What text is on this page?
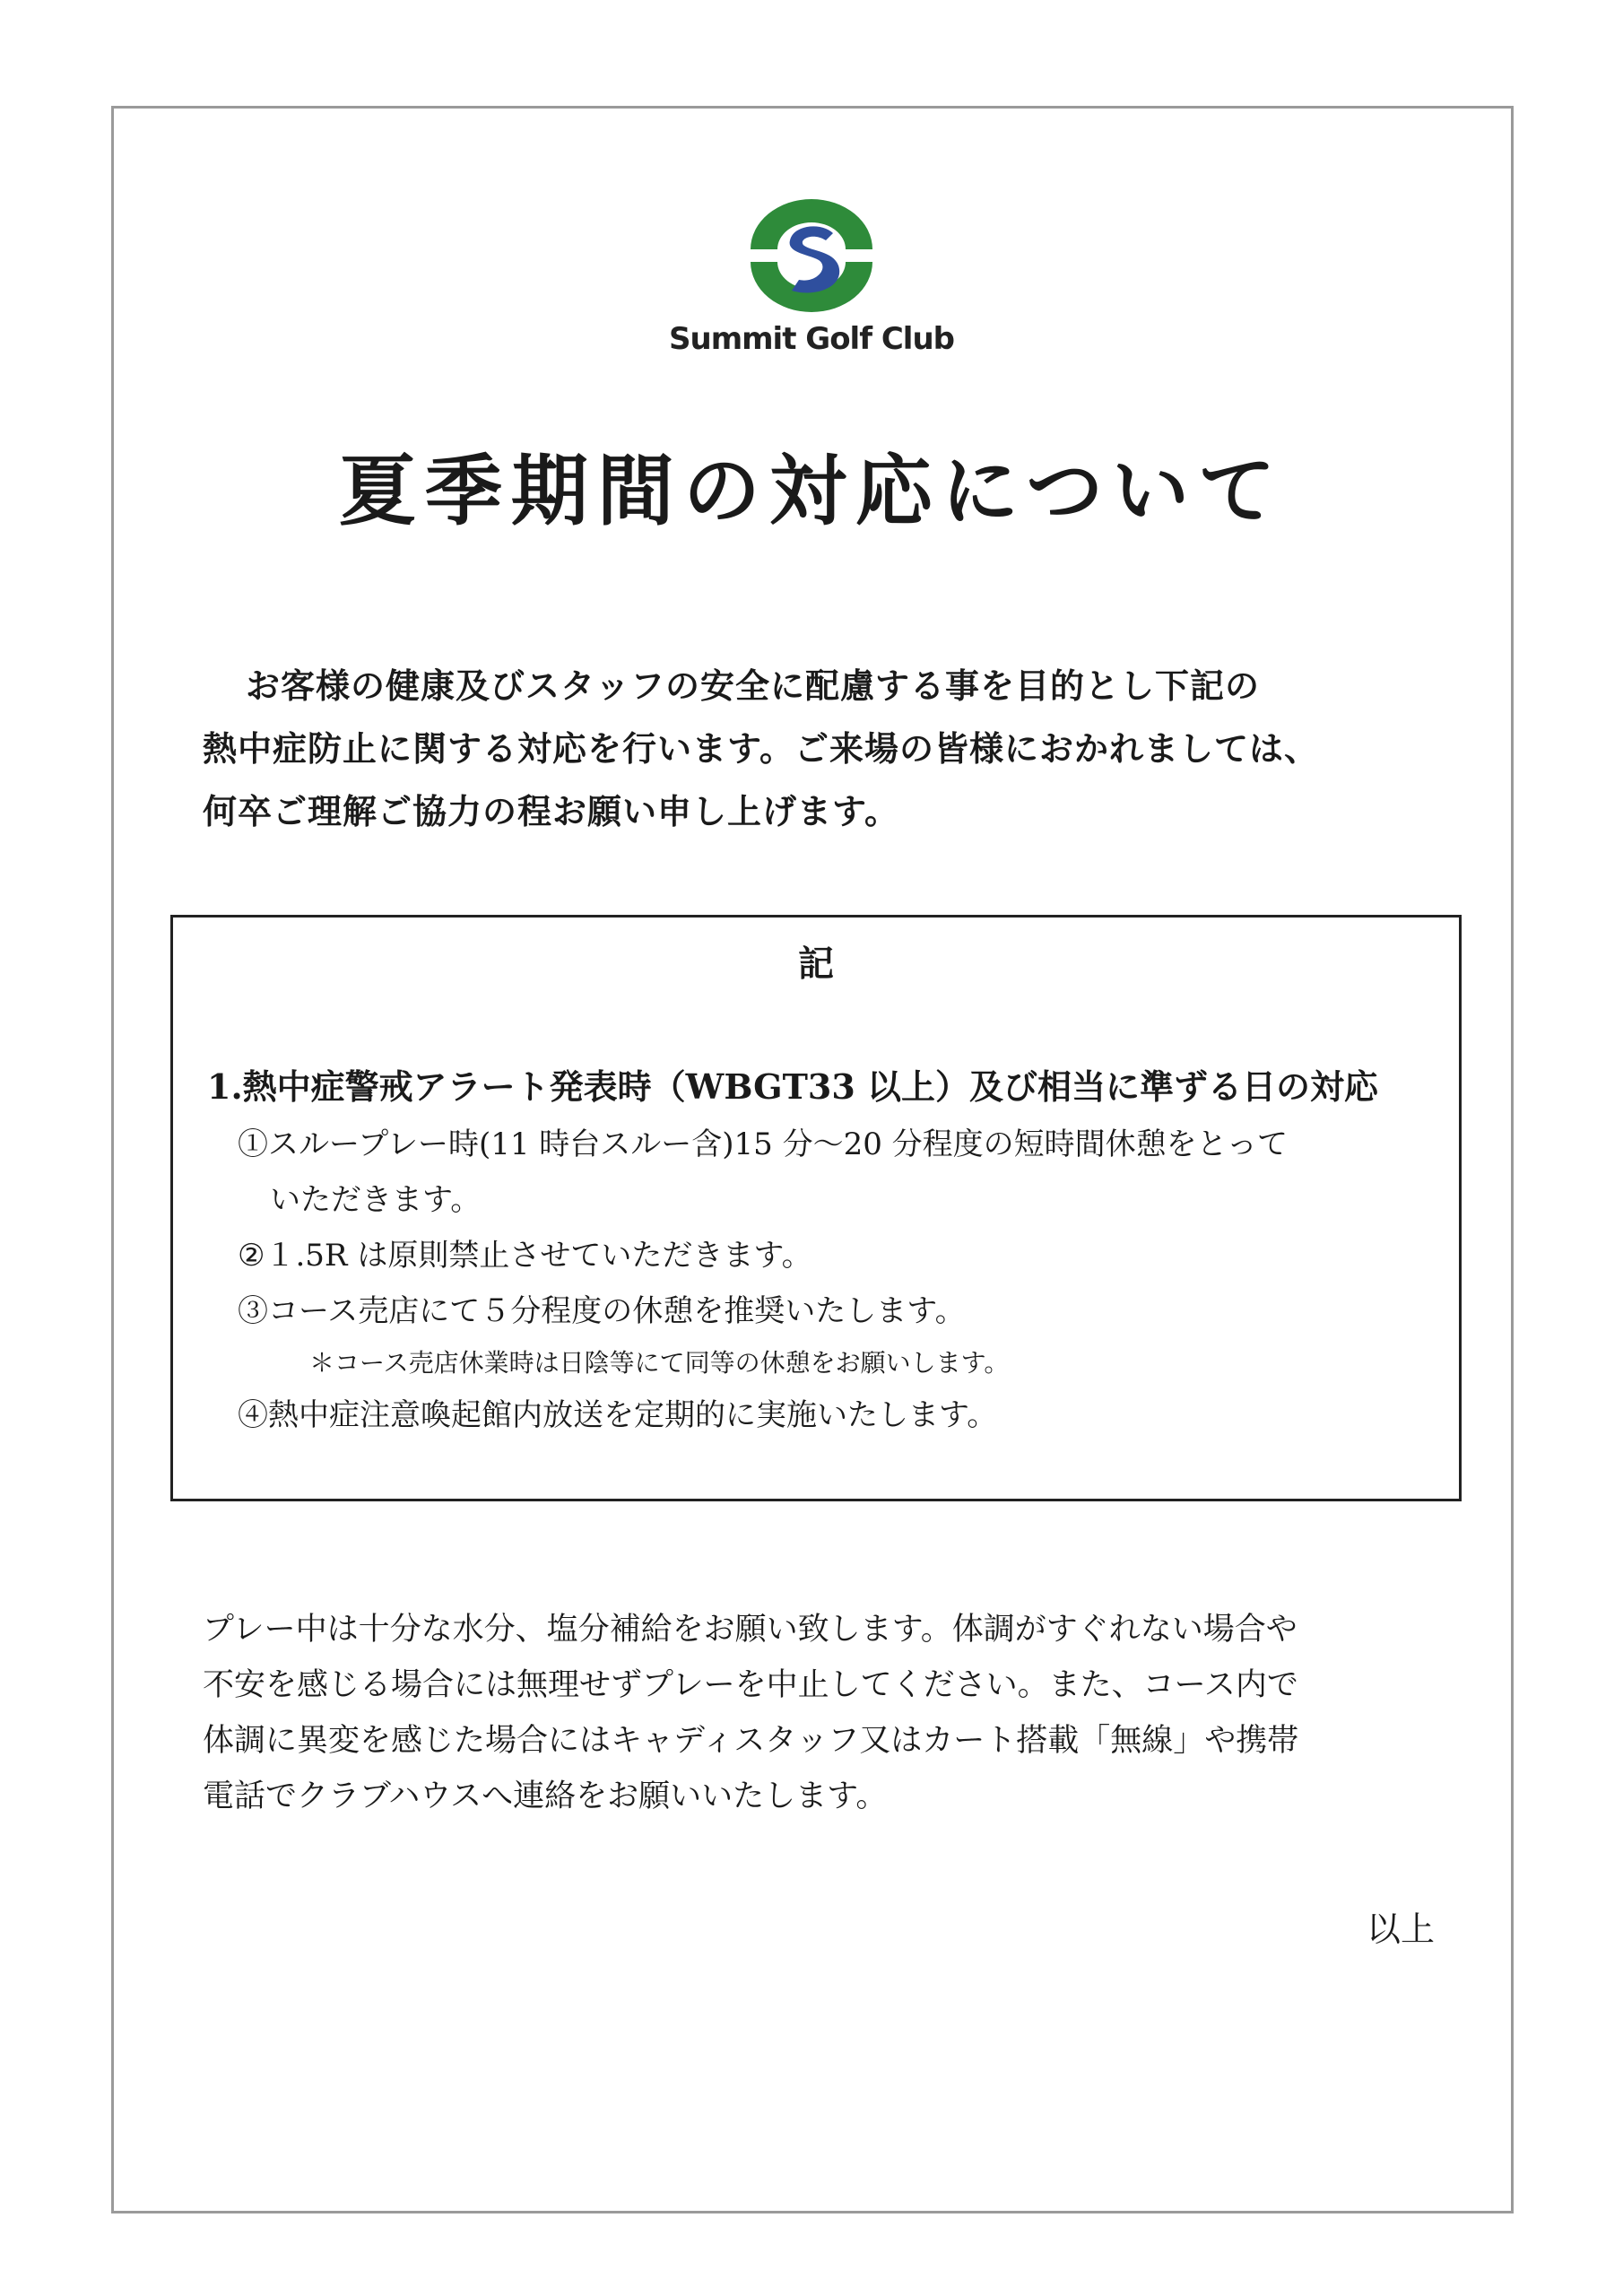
Summit Golf Club
夏季期間の対応について
お客様の健康及びスタッフの安全に配慮する事を目的とし下記の
熱中症防止に関する対応を行います。ご来場の皆様におかれましては、
何卒ご理解ご協力の程お願い申し上げます。
記
1.熱中症警戒アラート発表時（WBGT33 以上）及び相当に準ずる日の対応
①スループレー時(11 時台スルー含)15 分～20 分程度の短時間休憩をとって
いただきます。
②１.5R は原則禁止させていただきます。
③コース売店にて５分程度の休憩を推奨いたします。
＊コース売店休業時は日陰等にて同等の休憩をお願いします。
④熱中症注意喚起館内放送を定期的に実施いたします。
プレー中は十分な水分、塩分補給をお願い致します。体調がすぐれない場合や
不安を感じる場合には無理せずプレーを中止してください。また、コース内で
体調に異変を感じた場合にはキャディスタッフ又はカート搭載「無線」や携帯
電話でクラブハウスへ連絡をお願いいたします。
以上
